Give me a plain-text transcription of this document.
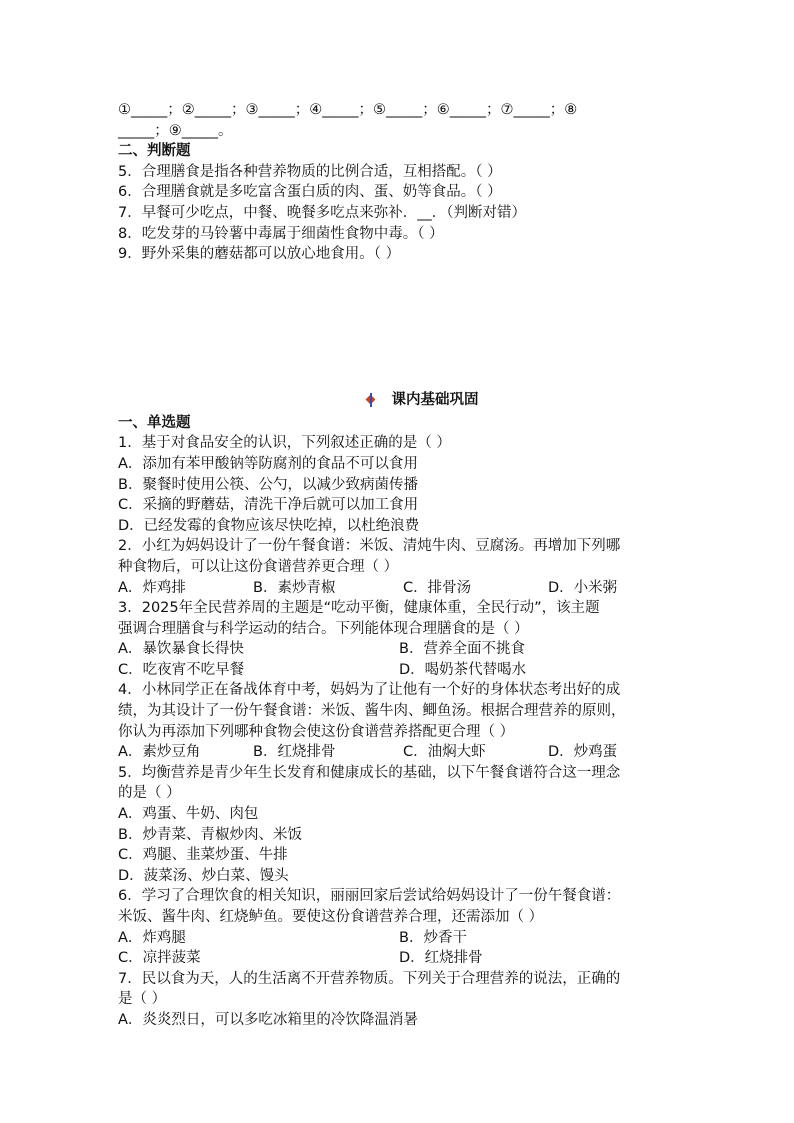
①_____；②_____；③_____；④_____；⑤_____；⑥_____；⑦_____；⑧
_____；⑨_____。
二、判断题
5．合理膳食是指各种营养物质的比例合适，互相搭配。（ ）
6．合理膳食就是多吃富含蛋白质的肉、蛋、奶等食品。（ ）
7．早餐可少吃点，中餐、晚餐多吃点来弥补．__．（判断对错）
8．吃发芽的马铃薯中毒属于细菌性食物中毒。（ ）
9．野外采集的蘑菇都可以放心地食用。（ ）
课内基础巩固
一、单选题
1．基于对食品安全的认识，下列叙述正确的是（ ）
A．添加有苯甲酸钠等防腐剂的食品不可以食用
B．聚餐时使用公筷、公勺，以减少致病菌传播
C．采摘的野蘑菇，清洗干净后就可以加工食用
D．已经发霉的食物应该尽快吃掉，以杜绝浪费
2．小红为妈妈设计了一份午餐食谱：米饭、清炖牛肉、豆腐汤。再增加下列哪
种食物后，可以让这份食谱营养更合理（ ）
A．炸鸡排	B．素炒青椒	C．排骨汤	D．小米粥
3．2025年全民营养周的主题是“吃动平衡，健康体重，全民行动”，该主题
强调合理膳食与科学运动的结合。下列能体现合理膳食的是（ ）
A．暴饮暴食长得快	B．营养全面不挑食
C．吃夜宵不吃早餐	D．喝奶茶代替喝水
4．小林同学正在备战体育中考，妈妈为了让他有一个好的身体状态考出好的成
绩，为其设计了一份午餐食谱：米饭、酱牛肉、鲫鱼汤。根据合理营养的原则，
你认为再添加下列哪种食物会使这份食谱营养搭配更合理（ ）
A．素炒豆角	B．红烧排骨	C．油焖大虾	D．炒鸡蛋
5．均衡营养是青少年生长发育和健康成长的基础，以下午餐食谱符合这一理念
的是（ ）
A．鸡蛋、牛奶、肉包
B．炒青菜、青椒炒肉、米饭
C．鸡腿、韭菜炒蛋、牛排
D．菠菜汤、炒白菜、馒头
6．学习了合理饮食的相关知识，丽丽回家后尝试给妈妈设计了一份午餐食谱：
米饭、酱牛肉、红烧鲈鱼。要使这份食谱营养合理，还需添加（ ）
A．炸鸡腿	B．炒香干
C．凉拌菠菜	D．红烧排骨
7．民以食为天，人的生活离不开营养物质。下列关于合理营养的说法，正确的
是（ ）
A．炎炎烈日，可以多吃冰箱里的冷饮降温消暑
